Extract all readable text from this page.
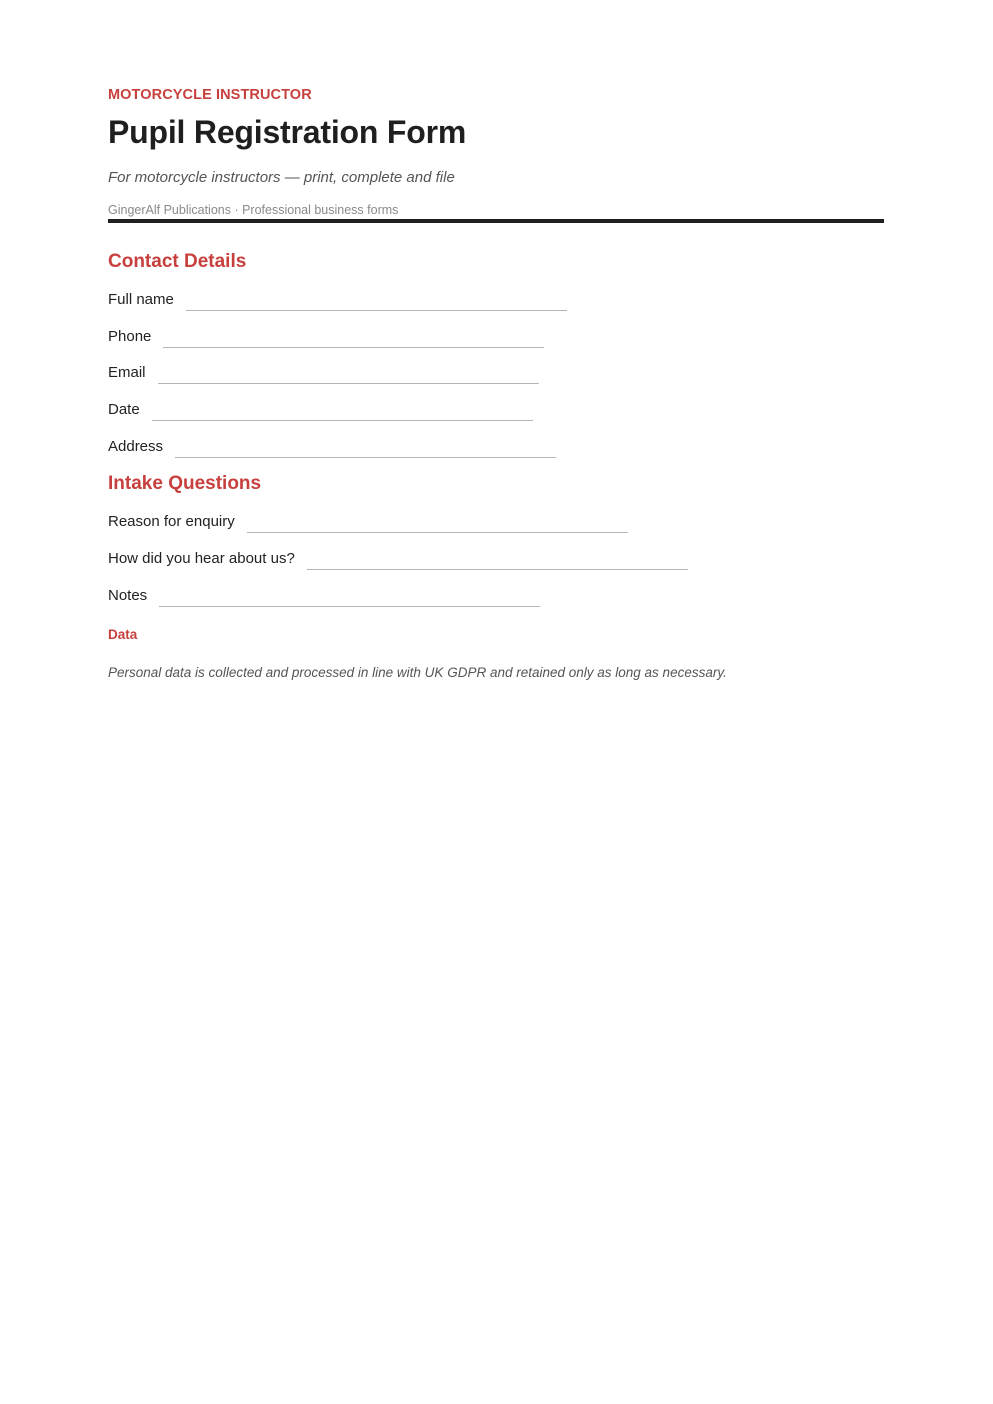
MOTORCYCLE INSTRUCTOR
Pupil Registration Form
For motorcycle instructors — print, complete and file
GingerAlf Publications · Professional business forms
Contact Details
Full name
Phone
Email
Date
Address
Intake Questions
Reason for enquiry
How did you hear about us?
Notes
Data
Personal data is collected and processed in line with UK GDPR and retained only as long as necessary.
